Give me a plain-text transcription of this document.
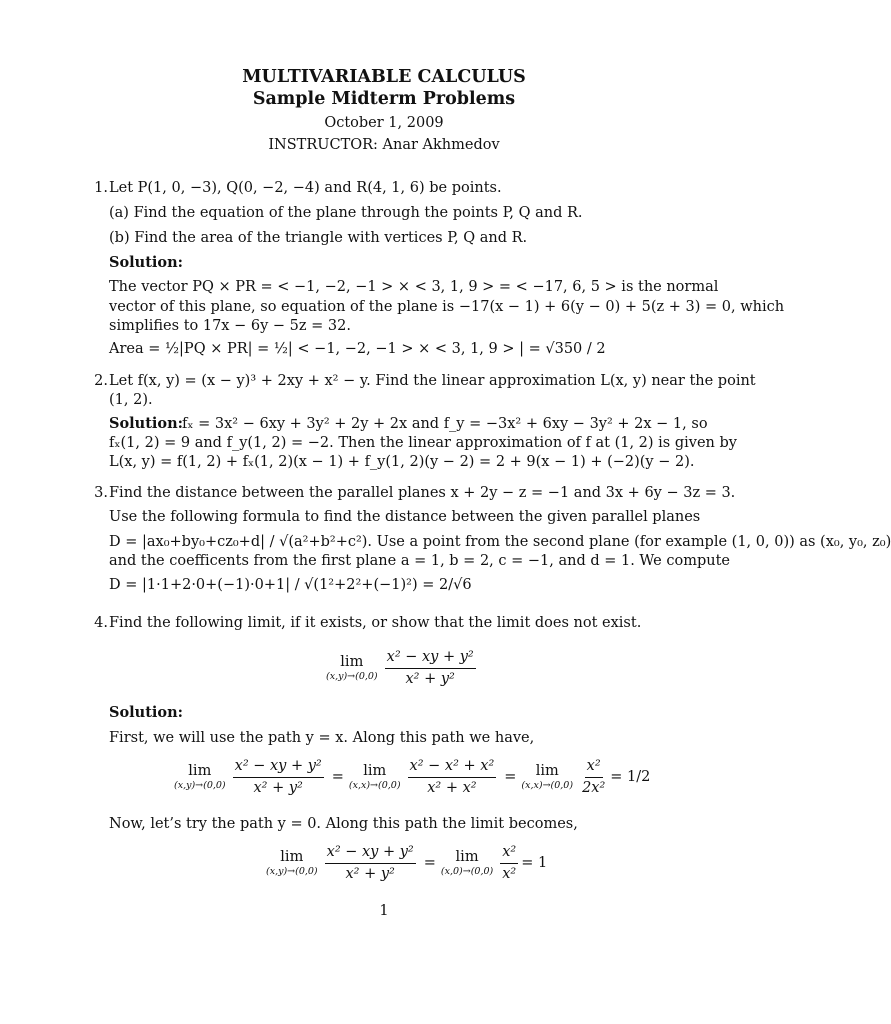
MULTIVARIABLE CALCULUS
Sample Midterm Problems
October 1, 2009
INSTRUCTOR: Anar Akhmedov
1. Let P(1, 0, −3), Q(0, −2, −4) and R(4, 1, 6) be points.
(a) Find the equation of the plane through the points P, Q and R.
(b) Find the area of the triangle with vertices P, Q and R.
Solution:
The vector PQ × PR = < −1, −2, −1 > × < 3, 1, 9 > = < −17, 6, 5 > is the normal
vector of this plane, so equation of the plane is −17(x − 1) + 6(y − 0) + 5(z + 3) = 0, which
simplifies to 17x − 6y − 5z = 32.
Area = ½|PQ × PR| = ½| < −1, −2, −1 > × < 3, 1, 9 > | = √350 / 2
2. Let f(x, y) = (x − y)³ + 2xy + x² − y. Find the linear approximation L(x, y) near the point
(1, 2).
Solution: fₓ = 3x² − 6xy + 3y² + 2y + 2x and f_y = −3x² + 6xy − 3y² + 2x − 1, so
fₓ(1, 2) = 9 and f_y(1, 2) = −2. Then the linear approximation of f at (1, 2) is given by
L(x, y) = f(1, 2) + fₓ(1, 2)(x − 1) + f_y(1, 2)(y − 2) = 2 + 9(x − 1) + (−2)(y − 2).
3. Find the distance between the parallel planes x + 2y − z = −1 and 3x + 6y − 3z = 3.
Use the following formula to find the distance between the given parallel planes
D = |ax₀+by₀+cz₀+d| / √(a²+b²+c²). Use a point from the second plane (for example (1, 0, 0)) as (x₀, y₀, z₀)
and the coefficents from the first plane a = 1, b = 2, c = −1, and d = 1. We compute
D = |1·1+2·0+(−1)·0+1| / √(1²+2²+(−1)²) = 2/√6
4. Find the following limit, if it exists, or show that the limit does not exist.
lim
$(x,y)\to(0,0) \frac{\text{x² − xy + y²}}{\text{x² + y²}}$
Solution:
First, we will use the path y = x. Along this path we have,
lim
$(x,y)\to(0,0) \frac{\text{x² − xy + y²}}{\text{x² + y²}} = \lim$
$(x,x)\to(0,0) \frac{\text{x² − x² + x²}}{\text{x² + x²}} = \lim$
$(x,x)\to(0,0) \frac{\text{x²}}{\text{2x²}} = 1/2$
Now, let’s try the path y = 0. Along this path the limit becomes,
lim
$(x,y)\to(0,0) \frac{\text{x² − xy + y²}}{\text{x² + y²}} = \lim$
$(x,0)\to(0,0) \frac{\text{x²}}{\text{x²}} = 1$
1
